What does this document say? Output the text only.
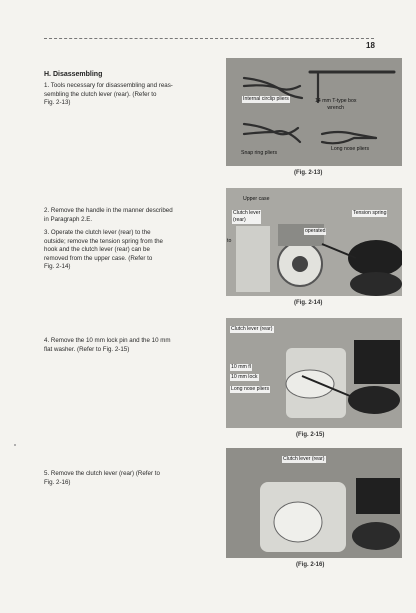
18
H. Disassembling
1. Tools necessary for disassembling and reas-
sembling the clutch lever (rear). (Refer to
Fig. 2-13)
2. Remove the handle in the manner described
in Paragraph 2.E.
3. Operate the clutch lever (rear) to the
outside; remove the tension spring from the
hook and the clutch lever (rear) can be
removed from the upper case. (Refer to
Fig. 2-14)
4. Remove the 10 mm lock pin and the 10 mm
flat washer. (Refer to Fig. 2-15)
5. Remove the clutch lever (rear) (Refer to
Fig. 2-16)
Internal circlip pliers	14 mm T-type box
wrench
Snap ring pliers
Long nose pliers
(Fig. 2-13)
Upper case
Clutch lever
(rear)
Tension spring
operated
to
(Fig. 2-14)
Clutch lever (rear)
10 mm fl
10 mm lock
Long nose pliers
(Fig. 2-15)
Clutch lever (rear)
(Fig. 2-16)
